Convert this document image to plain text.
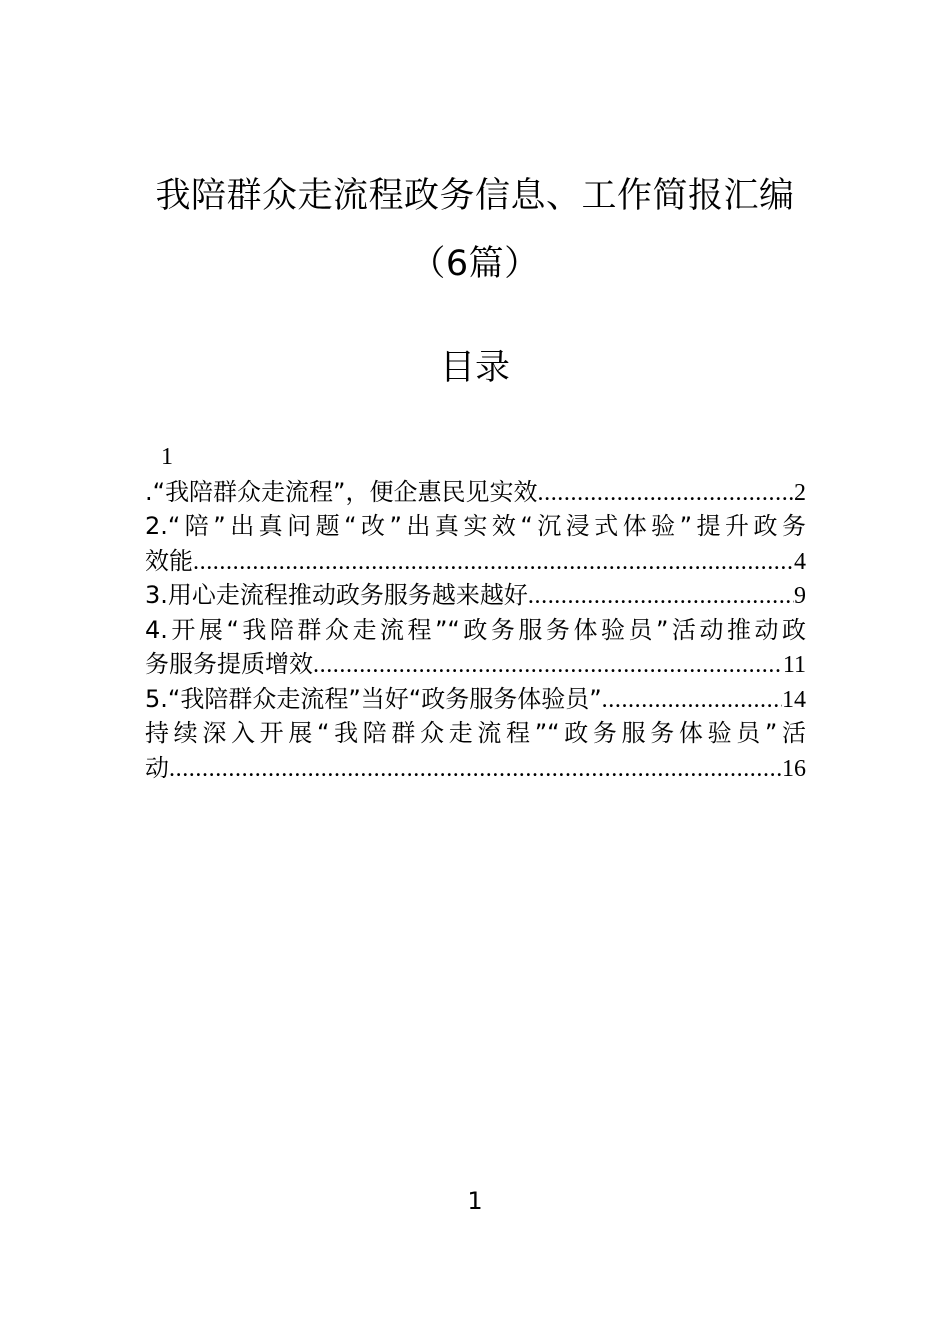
我陪群众走流程政务信息、工作简报汇编
（6篇）
目录
1
.“我陪群众走流程”，便企惠民见实效 .....	2
2.“陪”出真问题“改”出真实效“沉浸式体验”提升政务
效能 .....	4
3.用心走流程推动政务服务越来越好 .....	9
4.开展“我陪群众走流程”“政务服务体验员”活动推动政
务服务提质增效 .....	11
5.“我陪群众走流程”当好“政务服务体验员” .....	14
持续深入开展“我陪群众走流程”“政务服务体验员”活
动 .....	16
1
